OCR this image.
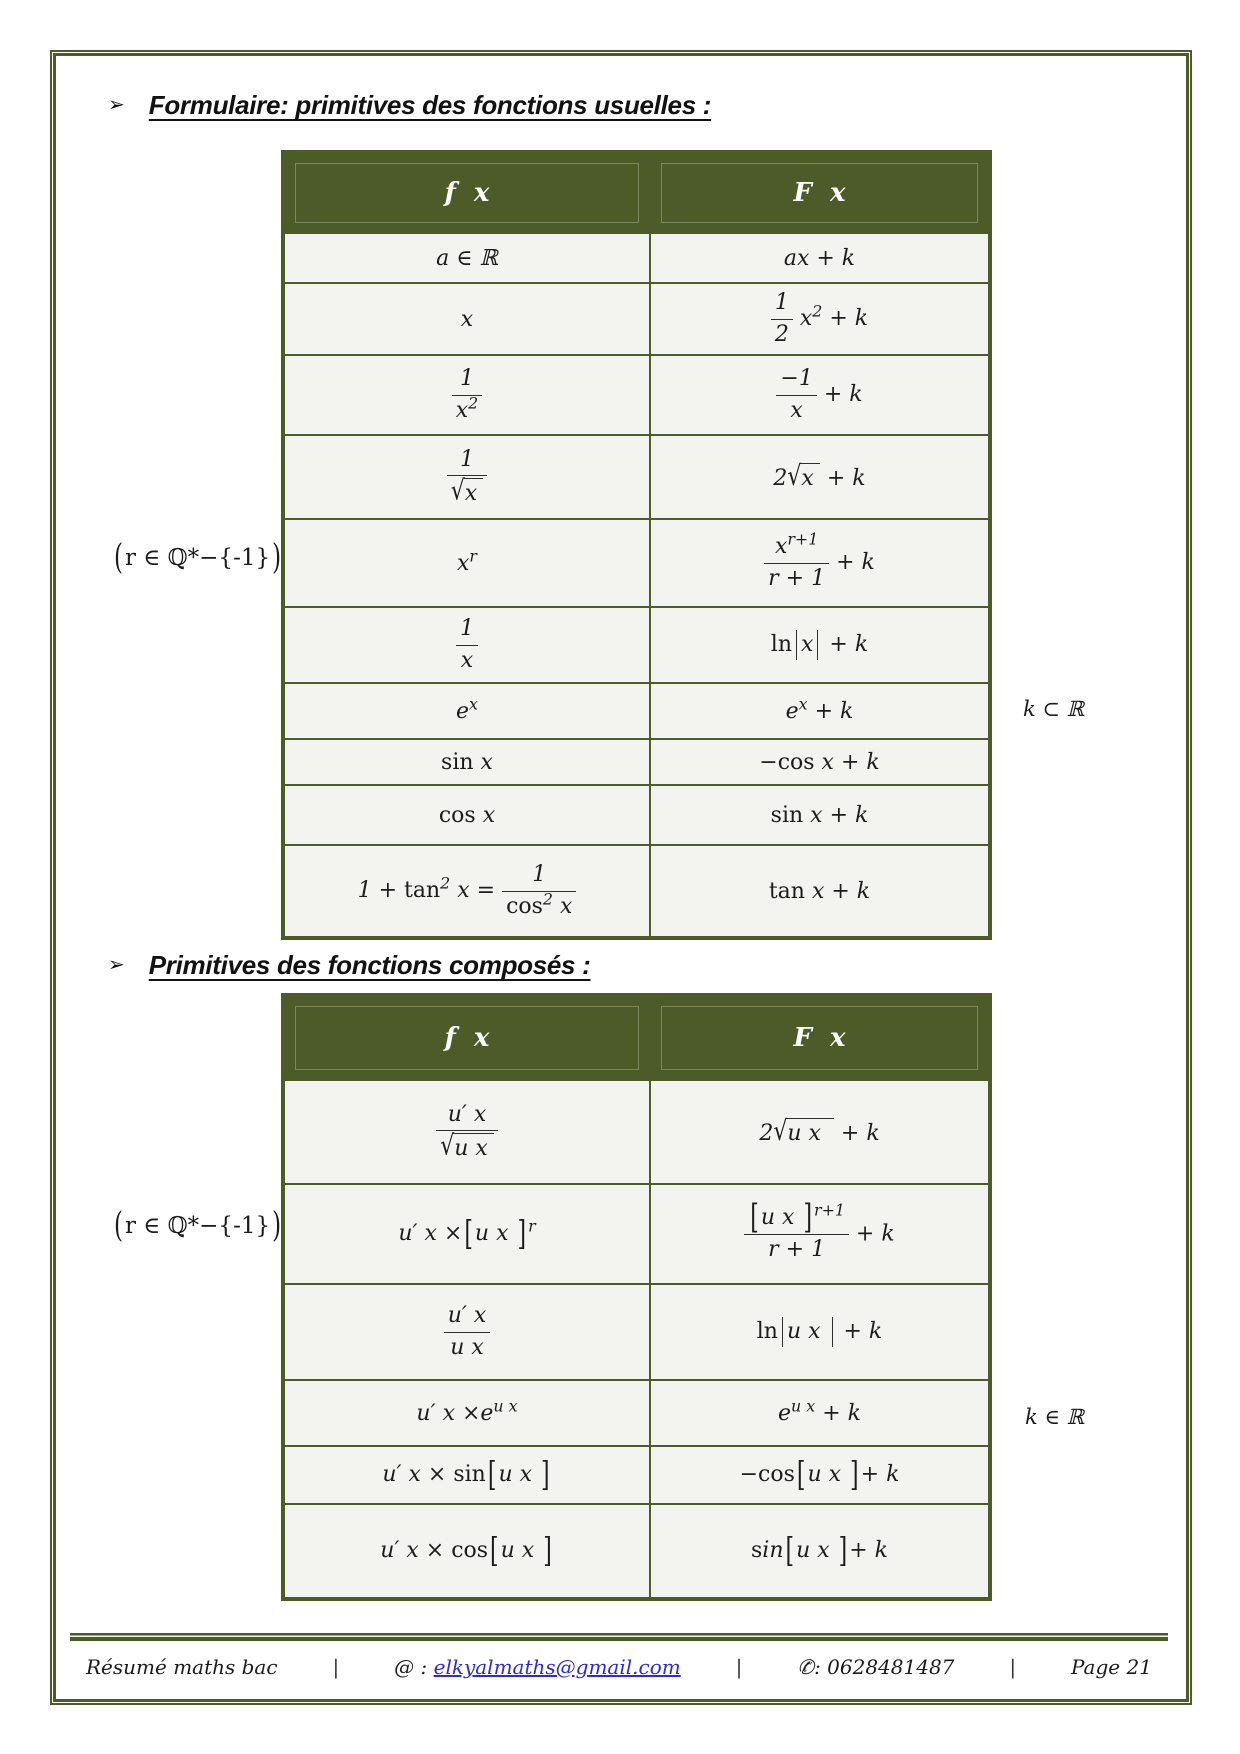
➢ Formulaire: primitives des fonctions usuelles :
f  x	F  x
a ∈ ℝ	ax + k
x	$\frac{1}{2} x^2 + k$

$\frac{1}{x^2}$	$\frac{-1}{x} + k$

$\frac{1}{√x}$	2√x + k
$x^r$	$\frac{x^{r+1}}{r + 1} + k$

$\frac{1}{x}$	ln x + k
$e^x$	$e^x + k$
sin x	−cos x + k
cos x	sin x + k
$1 + \tan^2 x = \frac{1}{\cos^2 x}$	tan x + k
(r ∈ ℚ*−{-1})
k ⊂ ℝ
➢ Primitives des fonctions composés :
f  x	F  x

$\frac{u' x}{\text{√u x}}$	2√u x  + k
u′ x ×[u x ] $^r$	$\frac{[u x ] ^{r+1}}{r + 1} + k$

$\frac{u' x}{\text{u x}}$	ln u x  + k
u′ $x \times e^{u x}$	$e^{u x} + k$
u′ x × sin[u x ]	−cos[u x ]+ k
u′ x × cos[u x ]	sin[u x ]+ k
(r ∈ ℚ*−{-1})
k ∈ ℝ
Résumé maths bac	|	@ : elkyalmaths@gmail.com	|	✆: 0628481487	|	Page 21
